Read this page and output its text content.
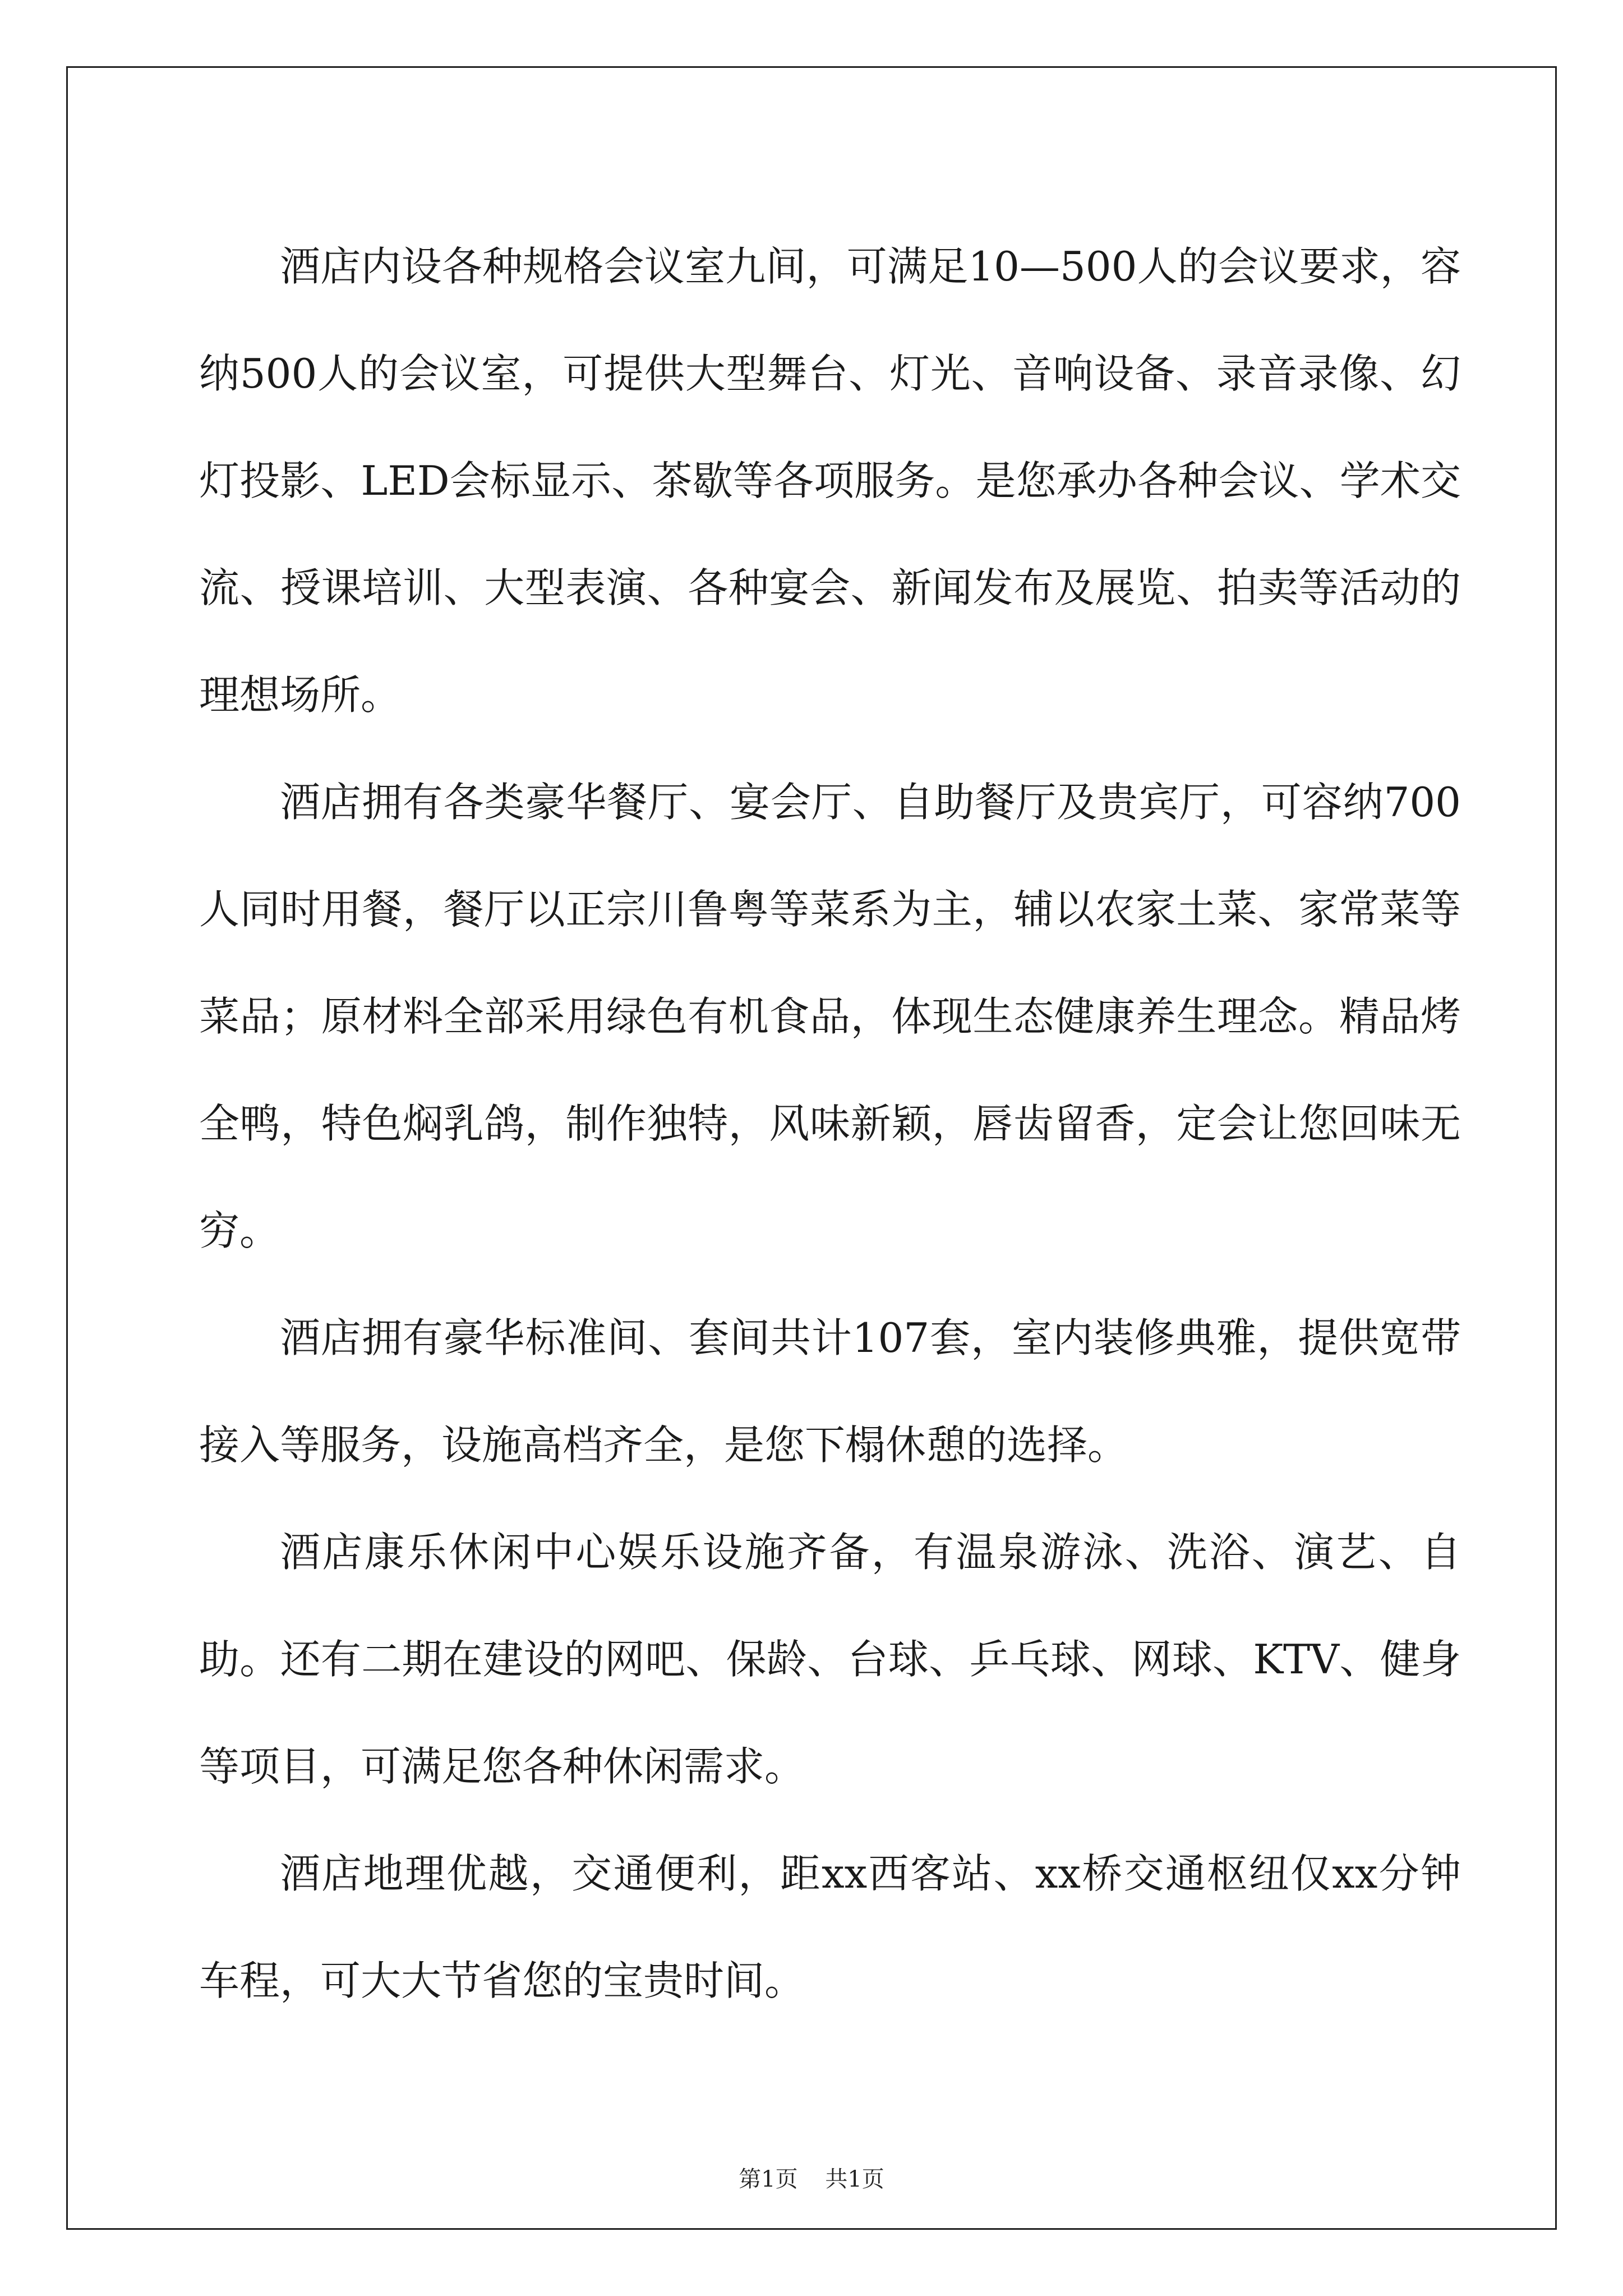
酒店内设各种规格会议室九间，可满足10—500人的会议要求，容纳500人的会议室，可提供大型舞台、灯光、音响设备、录音录像、幻灯投影、LED会标显示、茶歇等各项服务。是您承办各种会议、学术交流、授课培训、大型表演、各种宴会、新闻发布及展览、拍卖等活动的理想场所。

酒店拥有各类豪华餐厅、宴会厅、自助餐厅及贵宾厅，可容纳700人同时用餐，餐厅以正宗川鲁粤等菜系为主，辅以农家土菜、家常菜等菜品；原材料全部采用绿色有机食品，体现生态健康养生理念。精品烤全鸭，特色焖乳鸽，制作独特，风味新颖，唇齿留香，定会让您回味无穷。

酒店拥有豪华标准间、套间共计107套，室内装修典雅，提供宽带接入等服务，设施高档齐全，是您下榻休憩的选择。

酒店康乐休闲中心娱乐设施齐备，有温泉游泳、洗浴、演艺、自助。还有二期在建设的网吧、保龄、台球、乒乓球、网球、KTV、健身等项目，可满足您各种休闲需求。

酒店地理优越，交通便利，距xx西客站、xx桥交通枢纽仅xx分钟车程，可大大节省您的宝贵时间。

第1页 共1页
